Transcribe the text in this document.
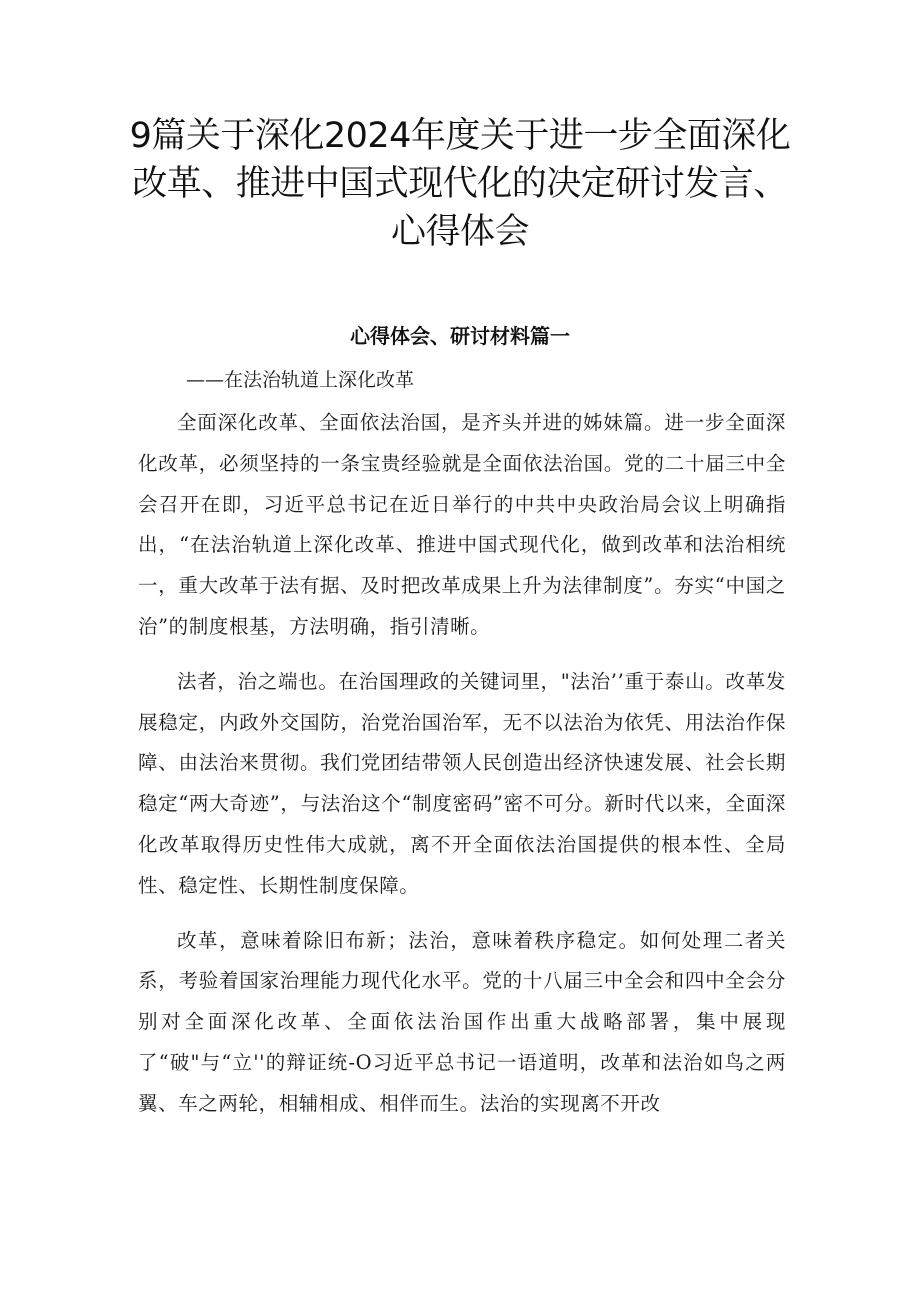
9篇关于深化2024年度关于进一步全面深化改革、推进中国式现代化的决定研讨发言、心得体会
心得体会、研讨材料篇一

——在法治轨道上深化改革

全面深化改革、全面依法治国，是齐头并进的姊妹篇。进一步全面深化改革，必须坚持的一条宝贵经验就是全面依法治国。党的二十届三中全会召开在即，习近平总书记在近日举行的中共中央政治局会议上明确指出，“在法治轨道上深化改革、推进中国式现代化，做到改革和法治相统一，重大改革于法有据、及时把改革成果上升为法律制度”。夯实“中国之治”的制度根基，方法明确，指引清晰。

法者，治之端也。在治国理政的关键词里，"法治’’重于泰山。改革发展稳定，内政外交国防，治党治国治军，无不以法治为依凭、用法治作保障、由法治来贯彻。我们党团结带领人民创造出经济快速发展、社会长期稳定“两大奇迹”，与法治这个“制度密码”密不可分。新时代以来，全面深化改革取得历史性伟大成就，离不开全面依法治国提供的根本性、全局性、稳定性、长期性制度保障。

改革，意味着除旧布新；法治，意味着秩序稳定。如何处理二者关系，考验着国家治理能力现代化水平。党的十八届三中全会和四中全会分别对全面深化改革、全面依法治国作出重大战略部署，集中展现了“破"与“立''的辩证统-O习近平总书记一语道明，改革和法治如鸟之两翼、车之两轮，相辅相成、相伴而生。法治的实现离不开改
